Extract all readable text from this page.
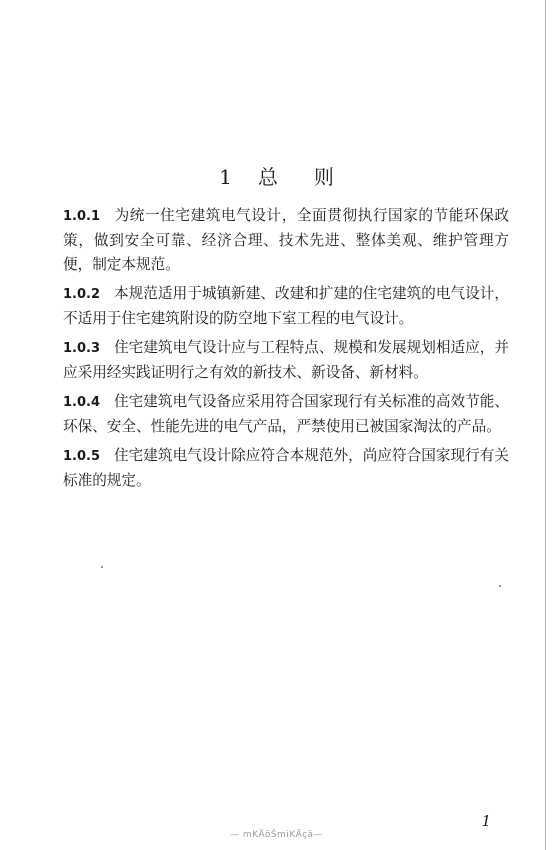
1 总 则

1.0.1 为统一住宅建筑电气设计，全面贯彻执行国家的节能环保政策，做到安全可靠、经济合理、技术先进、整体美观、维护管理方便，制定本规范。

1.0.2 本规范适用于城镇新建、改建和扩建的住宅建筑的电气设计，不适用于住宅建筑附设的防空地下室工程的电气设计。

1.0.3 住宅建筑电气设计应与工程特点、规模和发展规划相适应，并应采用经实践证明行之有效的新技术、新设备、新材料。

1.0.4 住宅建筑电气设备应采用符合国家现行有关标准的高效节能、环保、安全、性能先进的电气产品，严禁使用已被国家淘汰的产品。

1.0.5 住宅建筑电气设计除应符合本规范外，尚应符合国家现行有关标准的规定。

1
— mKÄöŠmiKÄçä—
